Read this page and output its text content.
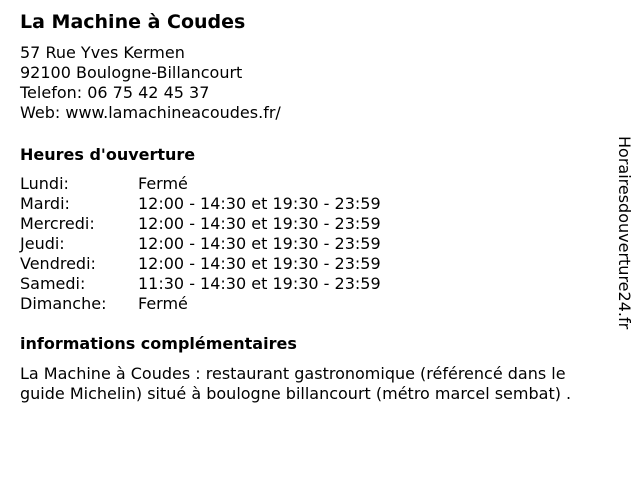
La Machine à Coudes
57 Rue Yves Kermen
92100 Boulogne-Billancourt
Telefon: 06 75 42 45 37
Web: www.lamachineacoudes.fr/
Heures d'ouverture
Lundi:	Fermé
Mardi:	12:00 - 14:30 et 19:30 - 23:59
Mercredi:	12:00 - 14:30 et 19:30 - 23:59
Jeudi:	12:00 - 14:30 et 19:30 - 23:59
Vendredi:	12:00 - 14:30 et 19:30 - 23:59
Samedi:	11:30 - 14:30 et 19:30 - 23:59
Dimanche:	Fermé
informations complémentaires
La Machine à Coudes : restaurant gastronomique (référencé dans le
guide Michelin) situé à boulogne billancourt (métro marcel sembat) .
Horairesdouverture24.fr
